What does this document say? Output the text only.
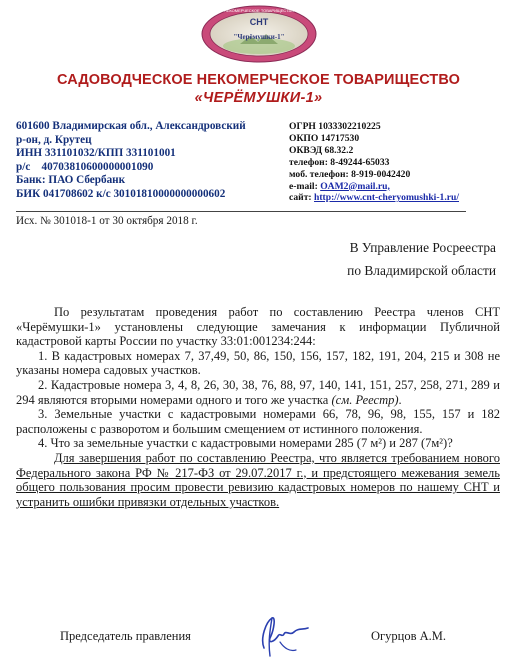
СНТ
"Черёмушки-1"
НЕКОМЕРЧЕСКОЕ ТОВАРИЩЕСТВО
САДОВОДЧЕСКОЕ НЕКОМЕРЧЕСКОЕ ТОВАРИЩЕСТВО
«ЧЕРЁМУШКИ-1»
601600 Владимирская обл., Александровский
р-он, д. Крутец
ИНН 331101032/КПП 331101001
р/с    40703810600000001090
Банк: ПАО Сбербанк
БИК 041708602 к/с 30101810000000000602
ОГРН 1033302210225
ОКПО 14717530
ОКВЭД 68.32.2
телефон: 8-49244-65033
моб. телефон: 8-919-0042420
e-mail: OAM2@mail.ru,
сайт: http://www.cnt-cheryomushki-1.ru/
Исх. № 301018-1 от 30 октября 2018 г.
В Управление Росреестра
по Владимирской области

По результатам проведения работ по составлению Реестра членов СНТ «Черёмушки-1» установлены следующие замечания к информации Публичной кадастровой карты России по участку 33:01:001234:244:

1. В кадастровых номерах 7, 37,49, 50, 86, 150, 156, 157, 182, 191, 204, 215 и 308 не указаны номера садовых участков.

2. Кадастровые номера 3, 4, 8, 26, 30, 38, 76, 88, 97, 140, 141, 151, 257, 258, 271, 289 и 294 являются вторыми номерами одного и того же участка (см. Реестр).

3. Земельные участки с кадастровыми номерами 66, 78, 96, 98, 155, 157 и 182 расположены с разворотом и большим смещением от истинного положения.

4. Что за земельные участки с кадастровыми номерами 285 (7 м²) и 287 (7м²)?

Для завершения работ по составлению Реестра, что является требованием нового Федерального закона РФ № 217-ФЗ от 29.07.2017 г., и предстоящего межевания земель общего пользования просим провести ревизию кадастровых номеров по нашему СНТ и устранить ошибки привязки отдельных участков.

Председатель правления	Огурцов А.М.
